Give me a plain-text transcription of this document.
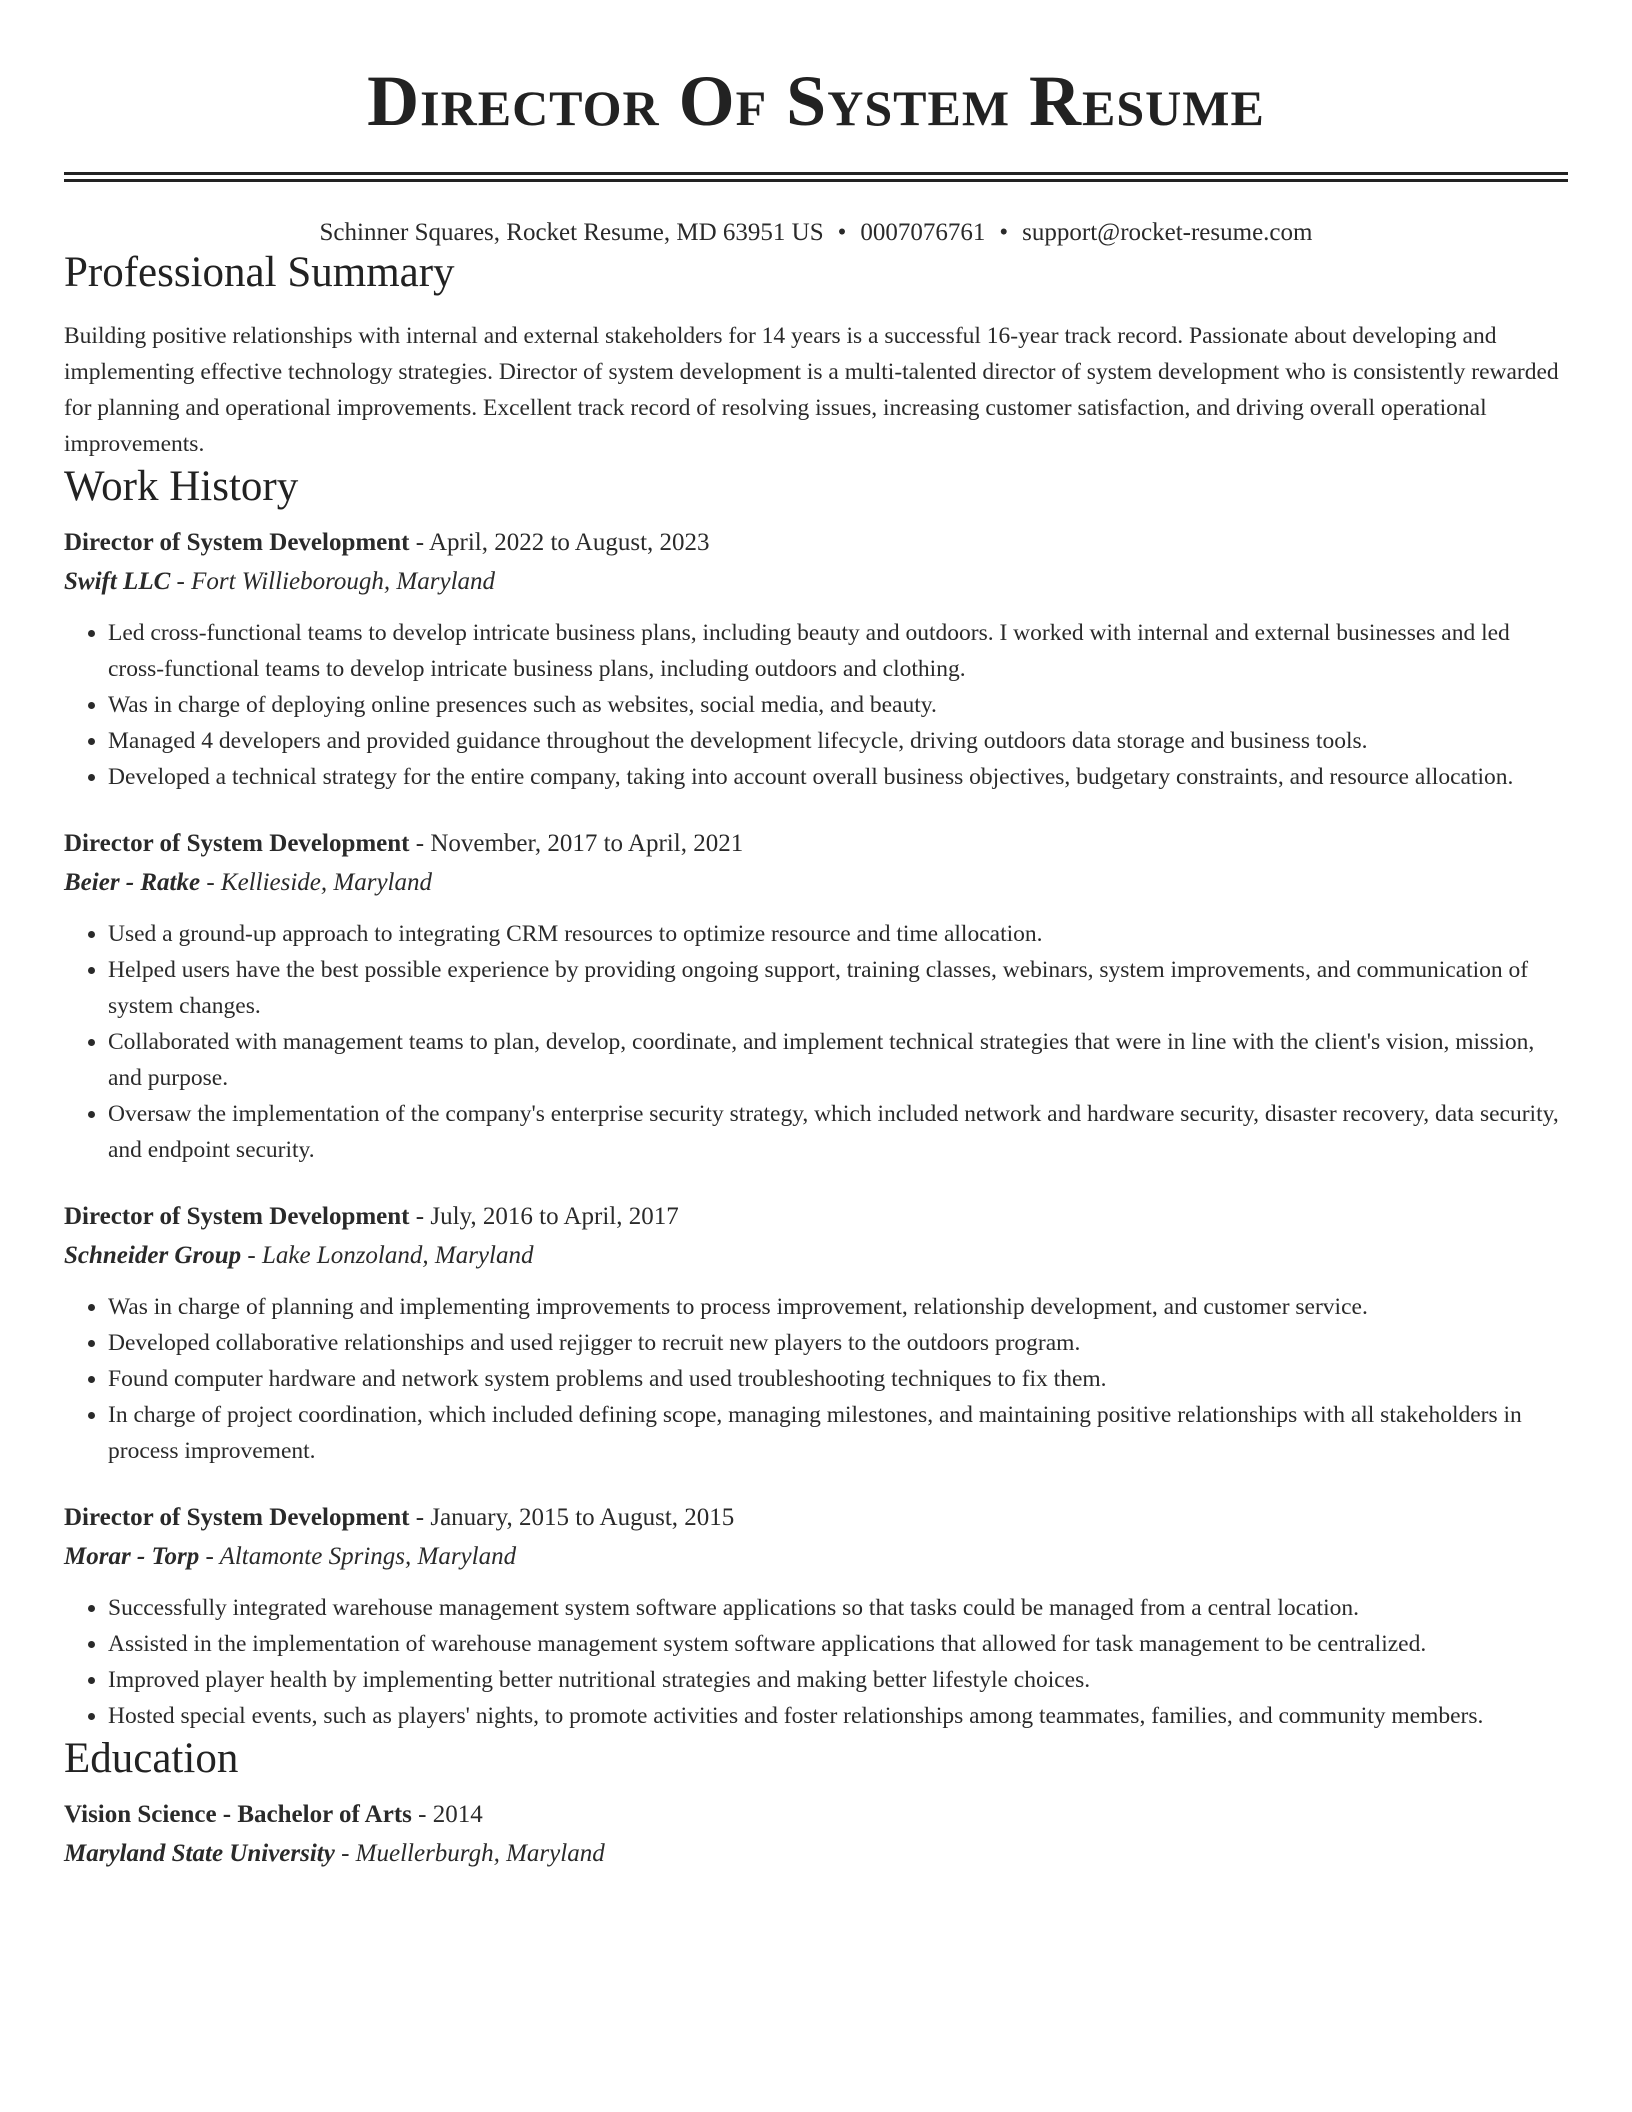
Director Of System Resume
Schinner Squares, Rocket Resume, MD 63951 US • 0007076761 • support@rocket-resume.com
Professional Summary

Building positive relationships with internal and external stakeholders for 14 years is a successful 16-year track record. Passionate about developing and implementing effective technology strategies. Director of system development is a multi-talented director of system development who is consistently rewarded for planning and operational improvements. Excellent track record of resolving issues, increasing customer satisfaction, and driving overall operational improvements.

Work History
Director of System Development - April, 2022 to August, 2023
Swift LLC - Fort Willieborough, Maryland
• Led cross-functional teams to develop intricate business plans, including beauty and outdoors. I worked with internal and external businesses and led cross-functional teams to develop intricate business plans, including outdoors and clothing.
• Was in charge of deploying online presences such as websites, social media, and beauty.
• Managed 4 developers and provided guidance throughout the development lifecycle, driving outdoors data storage and business tools.
• Developed a technical strategy for the entire company, taking into account overall business objectives, budgetary constraints, and resource allocation.
Director of System Development - November, 2017 to April, 2021
Beier - Ratke - Kellieside, Maryland
• Used a ground-up approach to integrating CRM resources to optimize resource and time allocation.
• Helped users have the best possible experience by providing ongoing support, training classes, webinars, system improvements, and communication of system changes.
• Collaborated with management teams to plan, develop, coordinate, and implement technical strategies that were in line with the client's vision, mission, and purpose.
• Oversaw the implementation of the company's enterprise security strategy, which included network and hardware security, disaster recovery, data security, and endpoint security.
Director of System Development - July, 2016 to April, 2017
Schneider Group - Lake Lonzoland, Maryland
• Was in charge of planning and implementing improvements to process improvement, relationship development, and customer service.
• Developed collaborative relationships and used rejigger to recruit new players to the outdoors program.
• Found computer hardware and network system problems and used troubleshooting techniques to fix them.
• In charge of project coordination, which included defining scope, managing milestones, and maintaining positive relationships with all stakeholders in process improvement.
Director of System Development - January, 2015 to August, 2015
Morar - Torp - Altamonte Springs, Maryland
• Successfully integrated warehouse management system software applications so that tasks could be managed from a central location.
• Assisted in the implementation of warehouse management system software applications that allowed for task management to be centralized.
• Improved player health by implementing better nutritional strategies and making better lifestyle choices.
• Hosted special events, such as players' nights, to promote activities and foster relationships among teammates, families, and community members.
Education
Vision Science - Bachelor of Arts - 2014
Maryland State University - Muellerburgh, Maryland
